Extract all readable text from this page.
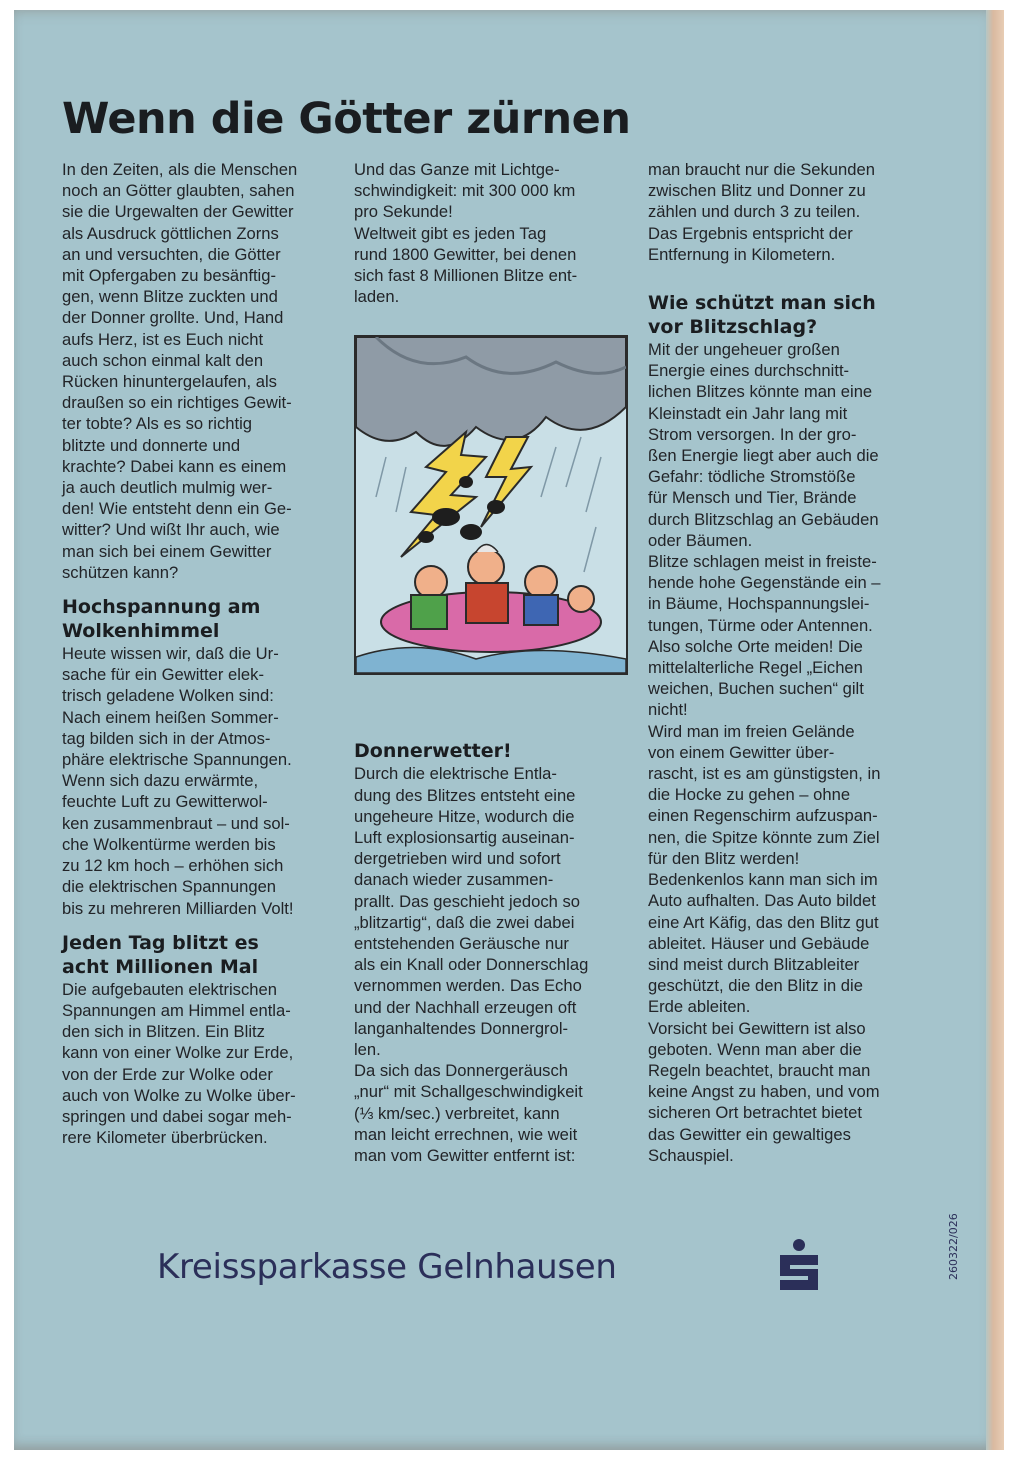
Wenn die Götter zürnen

In den Zeiten, als die Menschen

noch an Götter glaubten, sahen

sie die Urgewalten der Gewitter

als Ausdruck göttlichen Zorns

an und versuchten, die Götter

mit Opfergaben zu besänftig-

gen, wenn Blitze zuckten und

der Donner grollte. Und, Hand

aufs Herz, ist es Euch nicht

auch schon einmal kalt den

Rücken hinuntergelaufen, als

draußen so ein richtiges Gewit-

ter tobte? Als es so richtig

blitzte und donnerte und

krachte? Dabei kann es einem

ja auch deutlich mulmig wer-

den! Wie entsteht denn ein Ge-

witter? Und wißt Ihr auch, wie

man sich bei einem Gewitter

schützen kann?

Hochspannung am
Wolkenhimmel

Heute wissen wir, daß die Ur-

sache für ein Gewitter elek-

trisch geladene Wolken sind:

Nach einem heißen Sommer-

tag bilden sich in der Atmos-

phäre elektrische Spannungen.

Wenn sich dazu erwärmte,

feuchte Luft zu Gewitterwol-

ken zusammenbraut – und sol-

che Wolkentürme werden bis

zu 12 km hoch – erhöhen sich

die elektrischen Spannungen

bis zu mehreren Milliarden Volt!

Jeden Tag blitzt es
acht Millionen Mal

Die aufgebauten elektrischen

Spannungen am Himmel entla-

den sich in Blitzen. Ein Blitz

kann von einer Wolke zur Erde,

von der Erde zur Wolke oder

auch von Wolke zu Wolke über-

springen und dabei sogar meh-

rere Kilometer überbrücken.

Und das Ganze mit Lichtge-

schwindigkeit: mit 300 000 km

pro Sekunde!

Weltweit gibt es jeden Tag

rund 1800 Gewitter, bei denen

sich fast 8 Millionen Blitze ent-

laden.

Donnerwetter!

Durch die elektrische Entla-

dung des Blitzes entsteht eine

ungeheure Hitze, wodurch die

Luft explosionsartig auseinan-

dergetrieben wird und sofort

danach wieder zusammen-

prallt. Das geschieht jedoch so

„blitzartig“, daß die zwei dabei

entstehenden Geräusche nur

als ein Knall oder Donnerschlag

vernommen werden. Das Echo

und der Nachhall erzeugen oft

langanhaltendes Donnergrol-

len.

Da sich das Donnergeräusch

„nur“ mit Schallgeschwindigkeit

(⅓ km/sec.) verbreitet, kann

man leicht errechnen, wie weit

man vom Gewitter entfernt ist:

man braucht nur die Sekunden

zwischen Blitz und Donner zu

zählen und durch 3 zu teilen.

Das Ergebnis entspricht der

Entfernung in Kilometern.

Wie schützt man sich
vor Blitzschlag?

Mit der ungeheuer großen

Energie eines durchschnitt-

lichen Blitzes könnte man eine

Kleinstadt ein Jahr lang mit

Strom versorgen. In der gro-

ßen Energie liegt aber auch die

Gefahr: tödliche Stromstöße

für Mensch und Tier, Brände

durch Blitzschlag an Gebäuden

oder Bäumen.

Blitze schlagen meist in freiste-

hende hohe Gegenstände ein –

in Bäume, Hochspannungslei-

tungen, Türme oder Antennen.

Also solche Orte meiden! Die

mittelalterliche Regel „Eichen

weichen, Buchen suchen“ gilt

nicht!

Wird man im freien Gelände

von einem Gewitter über-

rascht, ist es am günstigsten, in

die Hocke zu gehen – ohne

einen Regenschirm aufzuspan-

nen, die Spitze könnte zum Ziel

für den Blitz werden!

Bedenkenlos kann man sich im

Auto aufhalten. Das Auto bildet

eine Art Käfig, das den Blitz gut

ableitet. Häuser und Gebäude

sind meist durch Blitzableiter

geschützt, die den Blitz in die

Erde ableiten.

Vorsicht bei Gewittern ist also

geboten. Wenn man aber die

Regeln beachtet, braucht man

keine Angst zu haben, und vom

sicheren Ort betrachtet bietet

das Gewitter ein gewaltiges

Schauspiel.

Kreissparkasse Gelnhausen	260322/026
